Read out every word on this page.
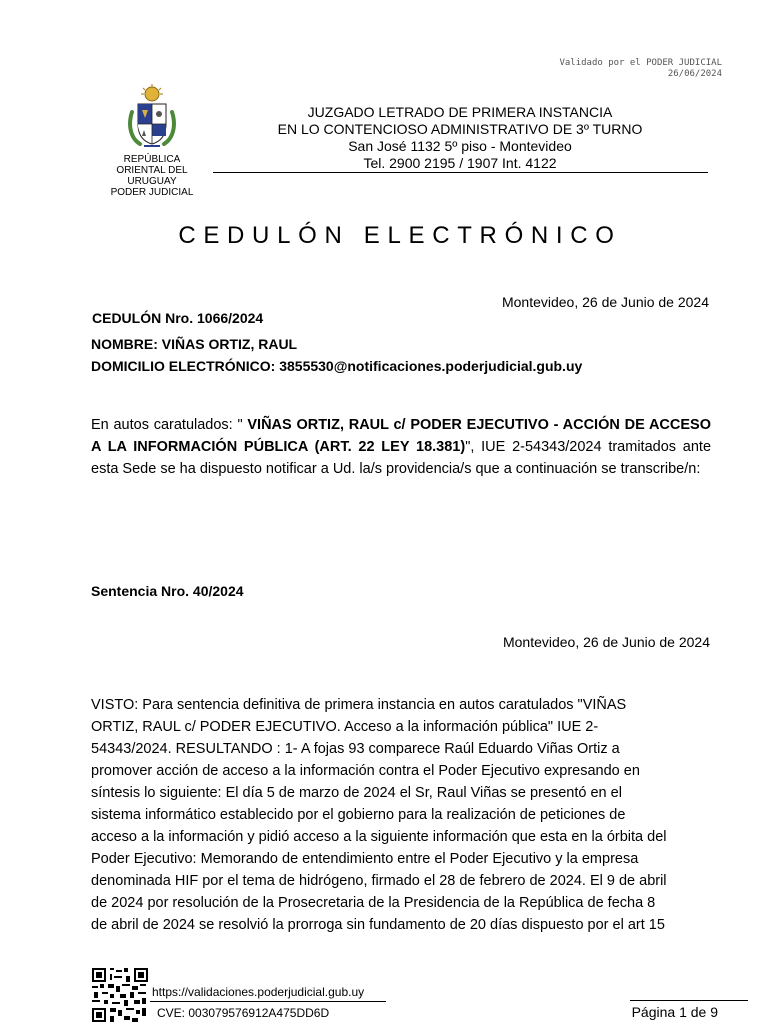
Validado por el PODER JUDICIAL
26/06/2024
REPÚBLICA
ORIENTAL DEL
URUGUAY
PODER JUDICIAL
JUZGADO LETRADO DE PRIMERA INSTANCIA
EN LO CONTENCIOSO ADMINISTRATIVO DE 3º TURNO
San José 1132 5º piso - Montevideo
Tel. 2900 2195 / 1907 Int. 4122
CEDULÓN ELECTRÓNICO
Montevideo, 26 de Junio de 2024
CEDULÓN Nro. 1066/2024
NOMBRE: VIÑAS ORTIZ, RAUL
DOMICILIO ELECTRÓNICO: 3855530@notificaciones.poderjudicial.gub.uy
En autos caratulados: " VIÑAS ORTIZ, RAUL c/ PODER EJECUTIVO - ACCIÓN DE ACCESO A LA INFORMACIÓN PÚBLICA (ART. 22 LEY 18.381)", IUE 2-54343/2024 tramitados ante esta Sede se ha dispuesto notificar a Ud. la/s providencia/s que a continuación se transcribe/n:
Sentencia Nro. 40/2024
Montevideo, 26 de Junio de 2024
VISTO: Para sentencia definitiva de primera instancia en autos caratulados "VIÑAS
ORTIZ, RAUL c/ PODER EJECUTIVO. Acceso a la información pública" IUE 2-
54343/2024. RESULTANDO : 1- A fojas 93 comparece Raúl Eduardo Viñas Ortiz a
promover acción de acceso a la información contra el Poder Ejecutivo expresando en
síntesis lo siguiente: El día 5 de marzo de 2024 el Sr, Raul Viñas se presentó en el
sistema informático establecido por el gobierno para la realización de peticiones de
acceso a la información y pidió acceso a la siguiente información que esta en la órbita del
Poder Ejecutivo: Memorando de entendimiento entre el Poder Ejecutivo y la empresa
denominada HIF por el tema de hidrógeno, firmado el 28 de febrero de 2024. El 9 de abril
de 2024 por resolución de la Prosecretaria de la Presidencia de la República de fecha 8
de abril de 2024 se resolvió la prorroga sin fundamento de 20 días dispuesto por el art 15
https://validaciones.poderjudicial.gub.uy
CVE: 003079576912A475DD6D	Página 1 de 9
